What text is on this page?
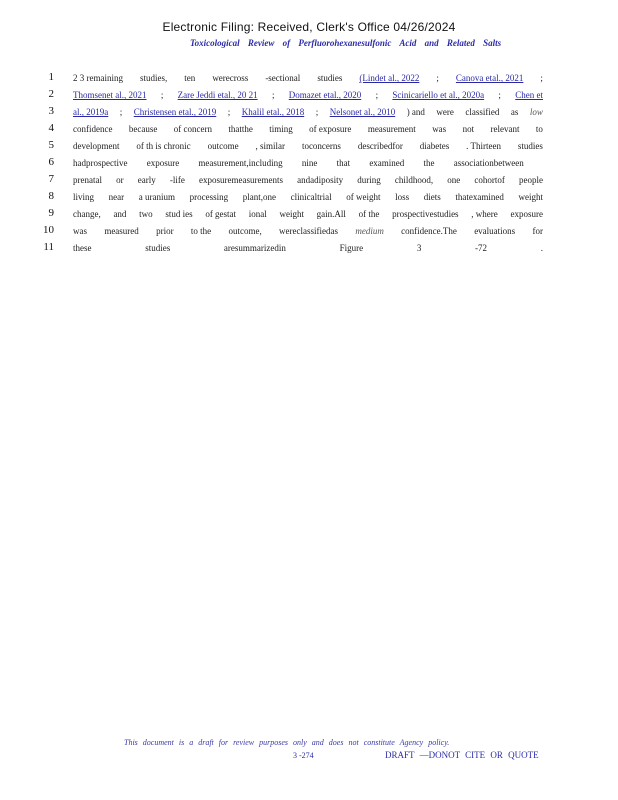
Electronic Filing: Received, Clerk's Office 04/26/2024
Toxicological Review of Perfluorohexanesulfonic Acid and Related Salts
1 2 3 remaining studies, ten werecross -sectional studies (Lindet al., 2022 ; Canova etal., 2021 ;
2 Thomsenet al., 2021 ; Zare Jeddi etal., 20 21 ; Domazet etal., 2020 ; Scinicariello et al., 2020a ; Chen et
3 al., 2019a ; Christensen etal., 2019 ; Khalil etal., 2018 ; Nelsonet al., 2010 ) and were classified as low
4 confidence because of concern thatthe timing of exposure measurement was not relevant to
5 development of th is chronic outcome , similar toconcerns describedfor diabetes . Thirteen studies
6 hadprospective exposure measurement,including nine that examined the associationbetween
7 prenatal or early -life exposuremeasurements andadiposity during childhood, one cohortof people
8 living near a uranium processing plant,one clinicaltrial of weight loss diets thatexamined weight
9 change, and two stud ies of gestat ional weight gain.All of the prospectivestudies , where exposure
10 was measured prior to the outcome, wereclassifiedas medium confidence.The evaluations for
11 these	studies	aresummarizedin	Figure	3	-72	.
This document is a draft for review purposes only and does not constitute Agency policy.
3 -274	DRAFT —DONOT CITE OR QUOTE
